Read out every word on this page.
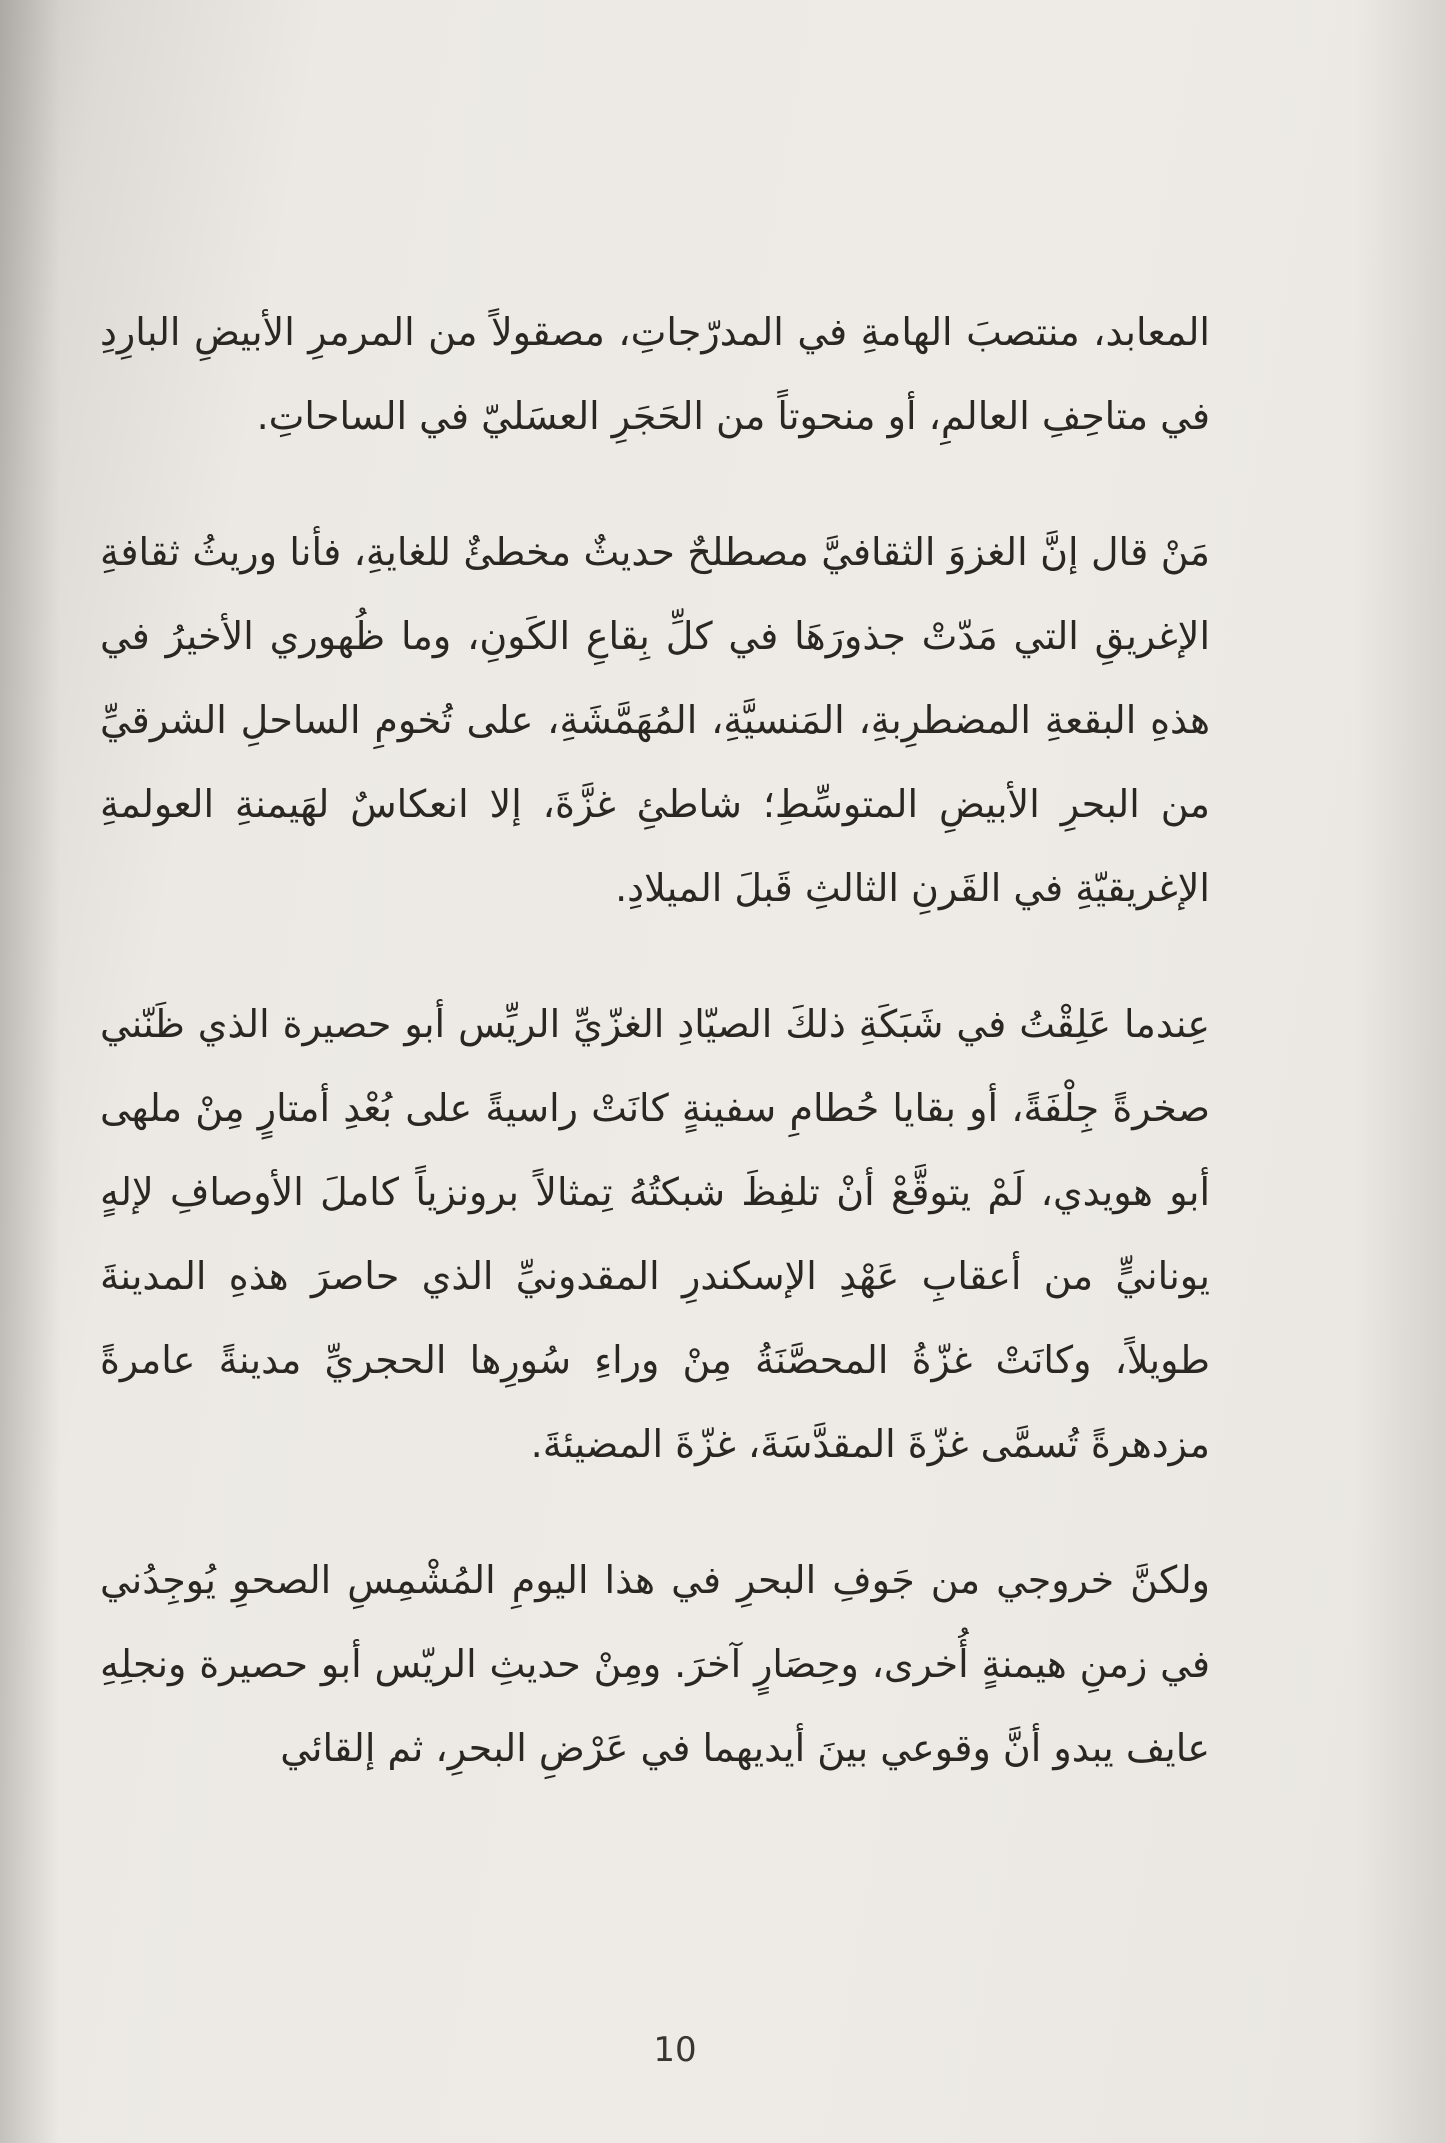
المعابد، منتصبَ الهامةِ في المدرّجاتِ، مصقولاً من المرمرِ الأبيضِ البارِدِ في متاحِفِ العالمِ، أو منحوتاً من الحَجَرِ العسَليّ في الساحاتِ.

مَنْ قال إنَّ الغزوَ الثقافيَّ مصطلحٌ حديثٌ مخطئٌ للغايةِ، فأنا وريثُ ثقافةِ الإغريقِ التي مَدّتْ جذورَهَا في كلِّ بِقاعِ الكَونِ، وما ظُهوري الأخيرُ في هذهِ البقعةِ المضطرِبةِ، المَنسيَّةِ، المُهَمَّشَةِ، على تُخومِ الساحلِ الشرقيِّ من البحرِ الأبيضِ المتوسِّطِ؛ شاطئِ غزَّةَ، إلا انعكاسٌ لهَيمنةِ العولمةِ الإغريقيّةِ في القَرنِ الثالثِ قَبلَ الميلادِ.

عِندما عَلِقْتُ في شَبَكَةِ ذلكَ الصيّادِ الغزّيِّ الريِّس أبو حصيرة الذي ظَنّني صخرةً جِلْفَةً، أو بقايا حُطامِ سفينةٍ كانَتْ راسيةً على بُعْدِ أمتارٍ مِنْ ملهى أبو هويدي، لَمْ يتوقَّعْ أنْ تلفِظَ شبكتُهُ تِمثالاً برونزياً كاملَ الأوصافِ لإلهٍ يونانيٍّ من أعقابِ عَهْدِ الإسكندرِ المقدونيِّ الذي حاصرَ هذهِ المدينةَ طويلاً، وكانَتْ غزّةُ المحصَّنَةُ مِنْ وراءِ سُورِها الحجريِّ مدينةً عامرةً مزدهرةً تُسمَّى غزّةَ المقدَّسَةَ، غزّةَ المضيئةَ.

ولكنَّ خروجي من جَوفِ البحرِ في هذا اليومِ المُشْمِسِ الصحوِ يُوجِدُني في زمنِ هيمنةٍ أُخرى، وحِصَارٍ آخرَ. ومِنْ حديثِ الريّس أبو حصيرة ونجلِهِ عايف يبدو أنَّ وقوعي بينَ أيديهما في عَرْضِ البحرِ، ثم إلقائي

10
